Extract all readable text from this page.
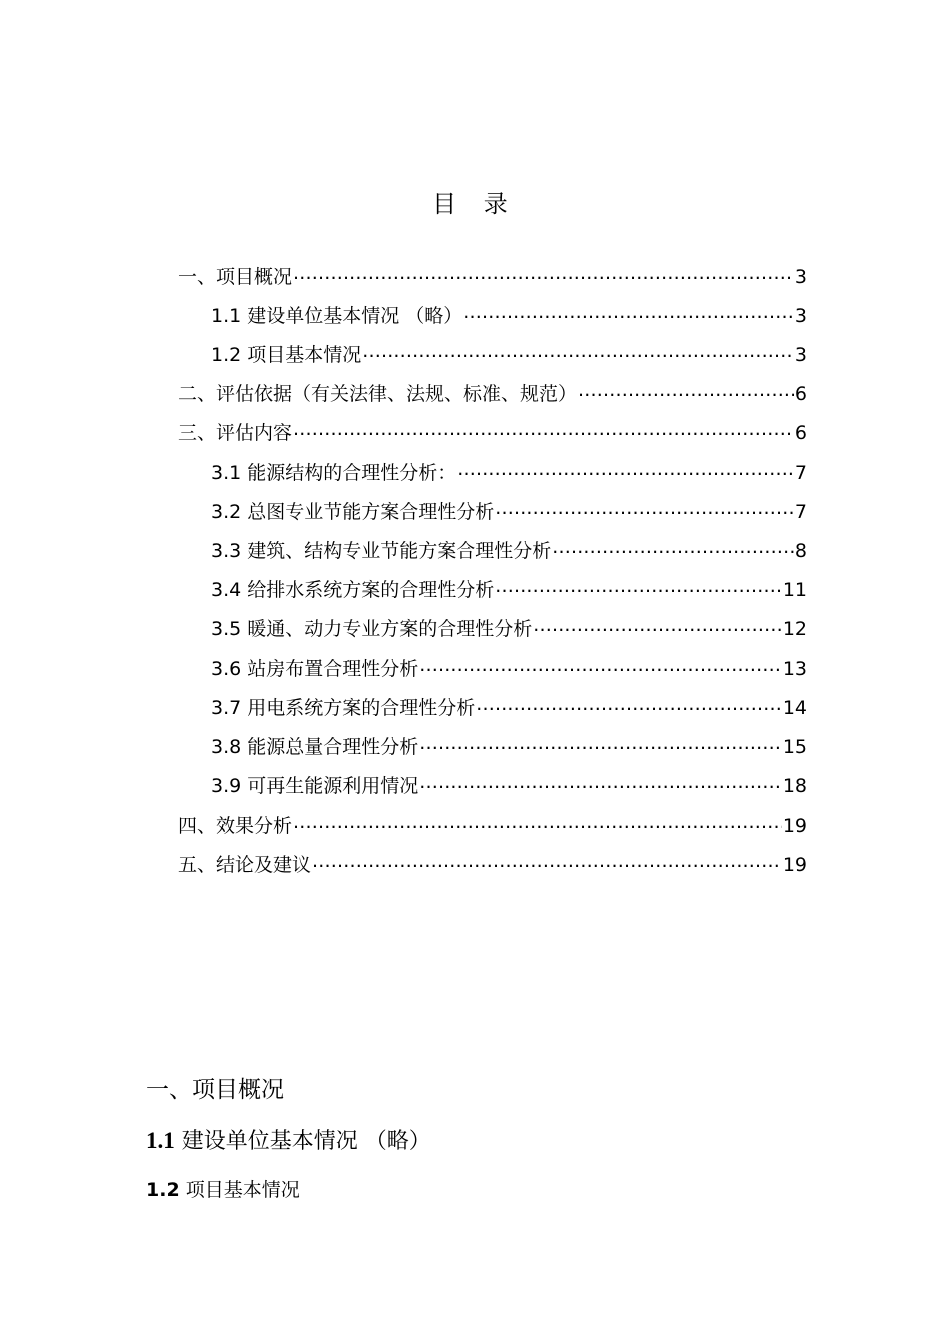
目 录
一、 项目概况 .....	3
1.1 建设单位基本情况 （略） .....	3
1.2 项目基本情况 .....	3
二、 评估依据（有关法律、法规、标准、规范） .....	6
三、 评估内容 .....	6
3.1 能源结构的合理性分析： .....	7
3.2 总图专业节能方案合理性分析 .....	7
3.3 建筑、结构专业节能方案合理性分析 .....	8
3.4 给排水系统方案的合理性分析 .....	11
3.5 暖通、动力专业方案的合理性分析 .....	12
3.6 站房布置合理性分析 .....	13
3.7 用电系统方案的合理性分析 .....	14
3.8 能源总量合理性分析 .....	15
3.9 可再生能源利用情况 .....	18
四、 效果分析 .....	19
五、 结论及建议 .....	19
一、项目概况
1.1 建设单位基本情况 （略）
1.2 项目基本情况
